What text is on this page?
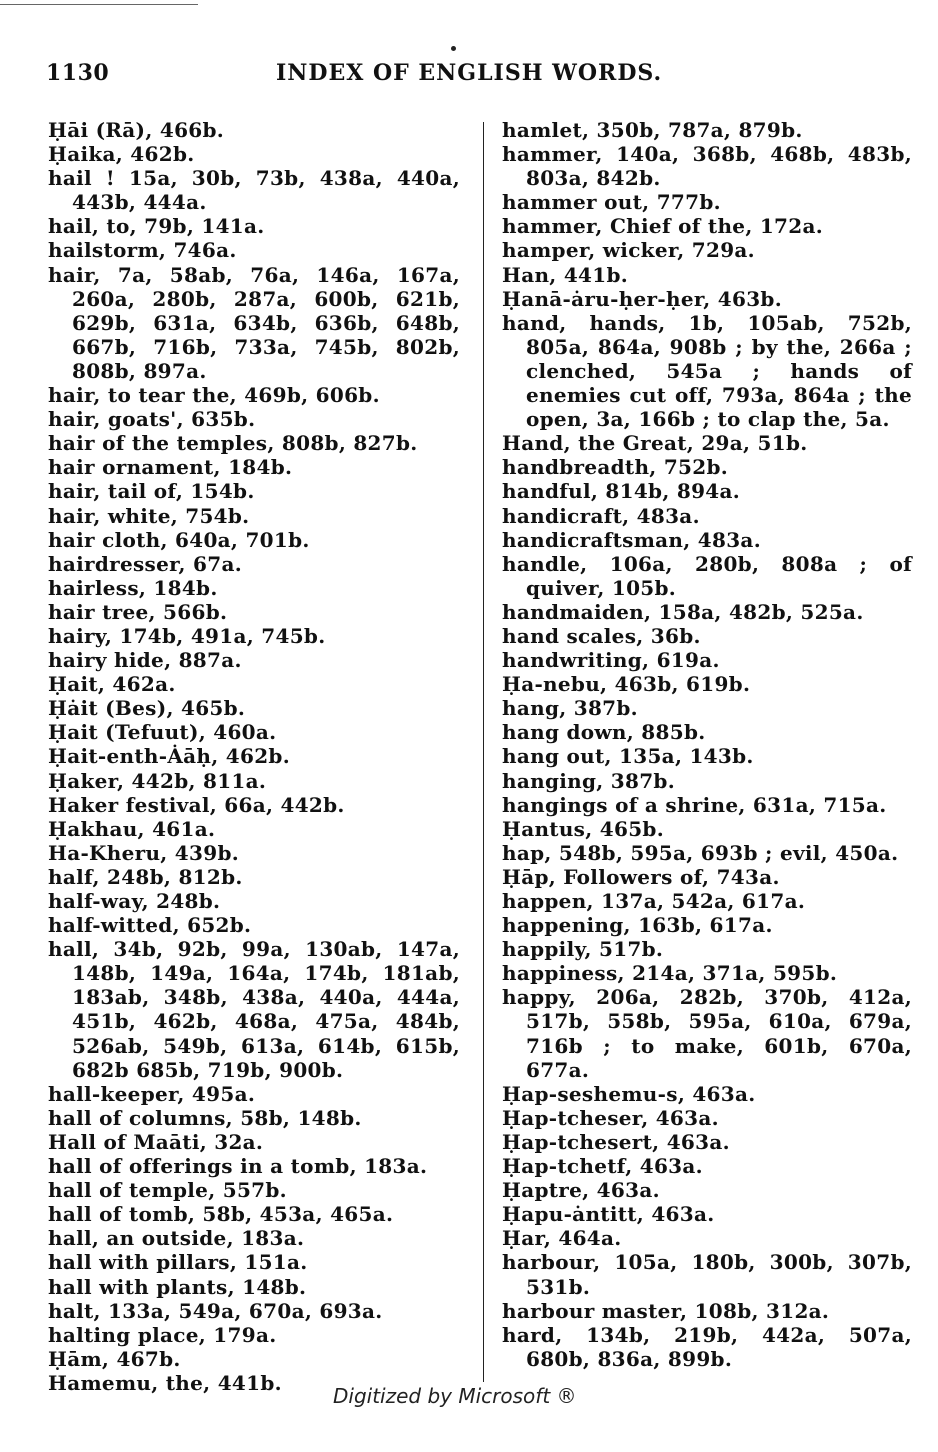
1130	INDEX OF ENGLISH WORDS.
Ḥāi (Rā), 466b.
Ḥaika, 462b.
hail ! 15a, 30b, 73b, 438a, 440a, 443b, 444a.
hail, to, 79b, 141a.
hailstorm, 746a.
hair, 7a, 58ab, 76a, 146a, 167a, 260a, 280b, 287a, 600b, 621b, 629b, 631a, 634b, 636b, 648b, 667b, 716b, 733a, 745b, 802b, 808b, 897a.
hair, to tear the, 469b, 606b.
hair, goats', 635b.
hair of the temples, 808b, 827b.
hair ornament, 184b.
hair, tail of, 154b.
hair, white, 754b.
hair cloth, 640a, 701b.
hairdresser, 67a.
hairless, 184b.
hair tree, 566b.
hairy, 174b, 491a, 745b.
hairy hide, 887a.
Ḥait, 462a.
Ḥȧit (Bes), 465b.
Ḥait (Tefuut), 460a.
Ḥait-enth-Ȧāḥ, 462b.
Ḥaker, 442b, 811a.
Haker festival, 66a, 442b.
Ḥakhau, 461a.
Ha-Kheru, 439b.
half, 248b, 812b.
half-way, 248b.
half-witted, 652b.
hall, 34b, 92b, 99a, 130ab, 147a, 148b, 149a, 164a, 174b, 181ab, 183ab, 348b, 438a, 440a, 444a, 451b, 462b, 468a, 475a, 484b, 526ab, 549b, 613a, 614b, 615b, 682b 685b, 719b, 900b.
hall-keeper, 495a.
hall of columns, 58b, 148b.
Hall of Maāti, 32a.
hall of offerings in a tomb, 183a.
hall of temple, 557b.
hall of tomb, 58b, 453a, 465a.
hall, an outside, 183a.
hall with pillars, 151a.
hall with plants, 148b.
halt, 133a, 549a, 670a, 693a.
halting place, 179a.
Ḥām, 467b.
Hamemu, the, 441b.
hamlet, 350b, 787a, 879b.
hammer, 140a, 368b, 468b, 483b, 803a, 842b.
hammer out, 777b.
hammer, Chief of the, 172a.
hamper, wicker, 729a.
Han, 441b.
Ḥanā-ȧru-ḥer-ḥer, 463b.
hand, hands, 1b, 105ab, 752b, 805a, 864a, 908b ; by the, 266a ; clenched, 545a ; hands of enemies cut off, 793a, 864a ; the open, 3a, 166b ; to clap the, 5a.
Hand, the Great, 29a, 51b.
handbreadth, 752b.
handful, 814b, 894a.
handicraft, 483a.
handicraftsman, 483a.
handle, 106a, 280b, 808a ; of quiver, 105b.
handmaiden, 158a, 482b, 525a.
hand scales, 36b.
handwriting, 619a.
Ḥa-nebu, 463b, 619b.
hang, 387b.
hang down, 885b.
hang out, 135a, 143b.
hanging, 387b.
hangings of a shrine, 631a, 715a.
Ḥantus, 465b.
hap, 548b, 595a, 693b ; evil, 450a.
Ḥāp, Followers of, 743a.
happen, 137a, 542a, 617a.
happening, 163b, 617a.
happily, 517b.
happiness, 214a, 371a, 595b.
happy, 206a, 282b, 370b, 412a, 517b, 558b, 595a, 610a, 679a, 716b ; to make, 601b, 670a, 677a.
Ḥap-seshemu-s, 463a.
Ḥap-tcheser, 463a.
Ḥap-tchesert, 463a.
Ḥap-tchetf, 463a.
Ḥaptre, 463a.
Ḥapu-ȧntitt, 463a.
Ḥar, 464a.
harbour, 105a, 180b, 300b, 307b, 531b.
harbour master, 108b, 312a.
hard, 134b, 219b, 442a, 507a, 680b, 836a, 899b.
Digitized by Microsoft ®
